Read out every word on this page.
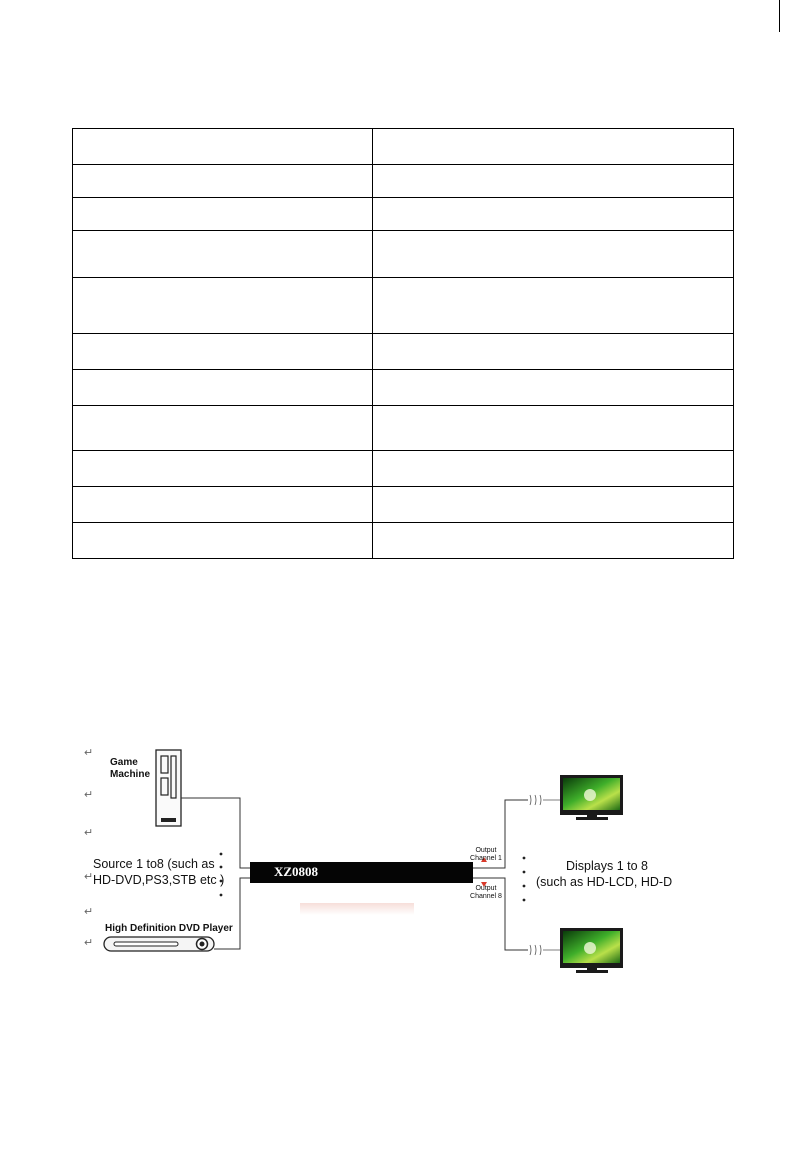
↵
↵
↵
↵
↵
↵
Game
Machine
Source 1 to8 (such as
HD-DVD,PS3,STB etc )
High Definition DVD Player
XZ0808
Output
Channel 1
Output
Channel 8
Displays 1 to 8
(such as HD-LCD, HD-D
